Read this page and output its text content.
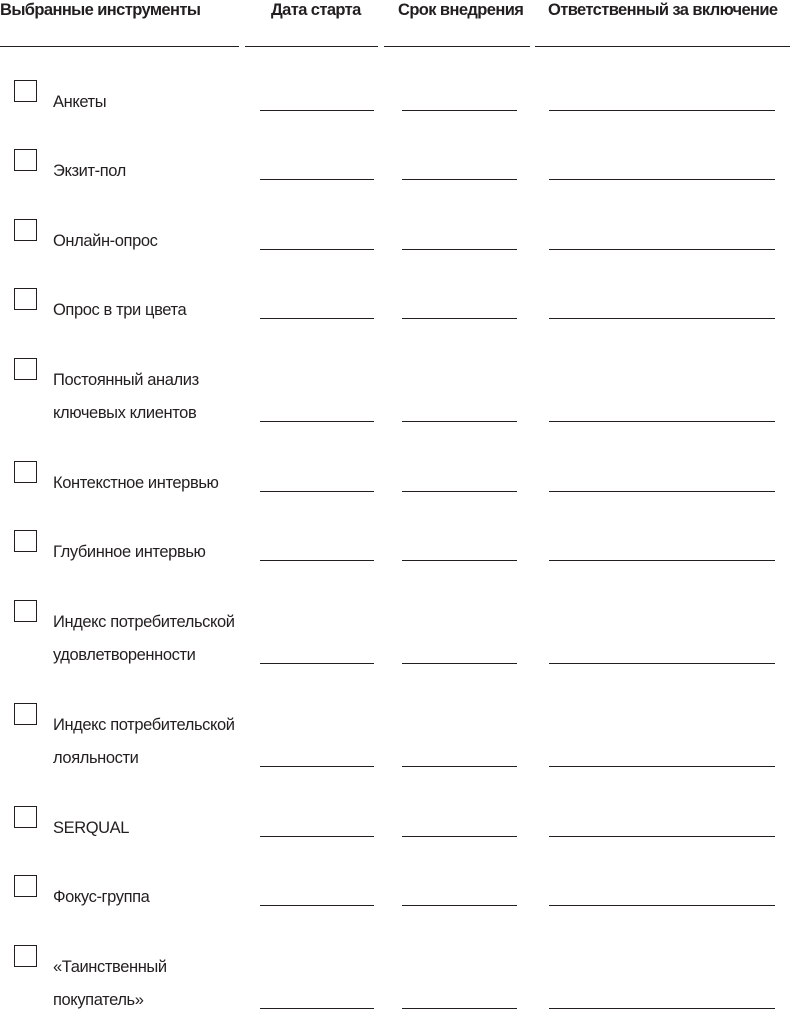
Выбранные инструменты	Дата старта Срок внедрения Ответственный за включение
Анкеты
Экзит-пол
Онлайн-опрос
Опрос в три цвета
Постоянный анализ
ключевых клиентов
Контекстное интервью
Глубинное интервью
Индекс потребительской
удовлетворенности
Индекс потребительской
лояльности
SERQUAL
Фокус-группа
«Таинственный
покупатель»
